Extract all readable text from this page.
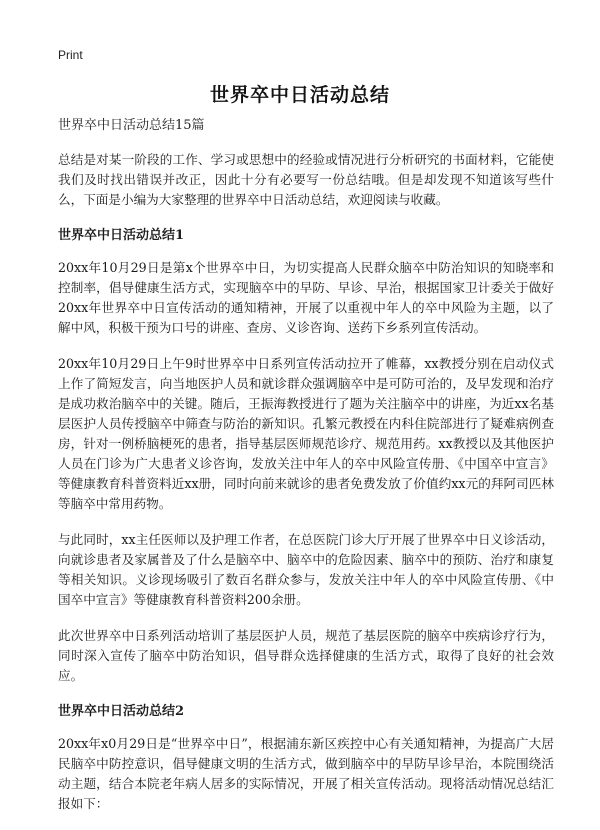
Print
世界卒中日活动总结

世界卒中日活动总结15篇

总结是对某一阶段的工作、学习或思想中的经验或情况进行分析研究的书面材料，它能使我们及时找出错误并改正，因此十分有必要写一份总结哦。但是却发现不知道该写些什么，下面是小编为大家整理的世界卒中日活动总结，欢迎阅读与收藏。

世界卒中日活动总结1

20xx年10月29日是第x个世界卒中日，为切实提高人民群众脑卒中防治知识的知晓率和控制率，倡导健康生活方式，实现脑卒中的早防、早诊、早治，根据国家卫计委关于做好20xx年世界卒中日宣传活动的通知精神，开展了以重视中年人的卒中风险为主题，以了解中风，积极干预为口号的讲座、查房、义诊咨询、送药下乡系列宣传活动。

20xx年10月29日上午9时世界卒中日系列宣传活动拉开了帷幕，xx教授分别在启动仪式上作了简短发言，向当地医护人员和就诊群众强调脑卒中是可防可治的，及早发现和治疗是成功救治脑卒中的关键。随后，王振海教授进行了题为关注脑卒中的讲座，为近xx名基层医护人员传授脑卒中筛查与防治的新知识。孔繁元教授在内科住院部进行了疑难病例查房，针对一例桥脑梗死的患者，指导基层医师规范诊疗、规范用药。xx教授以及其他医护人员在门诊为广大患者义诊咨询，发放关注中年人的卒中风险宣传册、《中国卒中宣言》等健康教育科普资料近xx册，同时向前来就诊的患者免费发放了价值约xx元的拜阿司匹林等脑卒中常用药物。

与此同时，xx主任医师以及护理工作者，在总医院门诊大厅开展了世界卒中日义诊活动，向就诊患者及家属普及了什么是脑卒中、脑卒中的危险因素、脑卒中的预防、治疗和康复等相关知识。义诊现场吸引了数百名群众参与，发放关注中年人的卒中风险宣传册、《中国卒中宣言》等健康教育科普资料200余册。

此次世界卒中日系列活动培训了基层医护人员，规范了基层医院的脑卒中疾病诊疗行为，同时深入宣传了脑卒中防治知识，倡导群众选择健康的生活方式，取得了良好的社会效应。

世界卒中日活动总结2

20xx年x0月29日是“世界卒中日”，根据浦东新区疾控中心有关通知精神，为提高广大居民脑卒中防控意识，倡导健康文明的生活方式，做到脑卒中的早防早诊早治，本院围绕活动主题，结合本院老年病人居多的实际情况，开展了相关宣传活动。现将活动情况总结汇报如下：
